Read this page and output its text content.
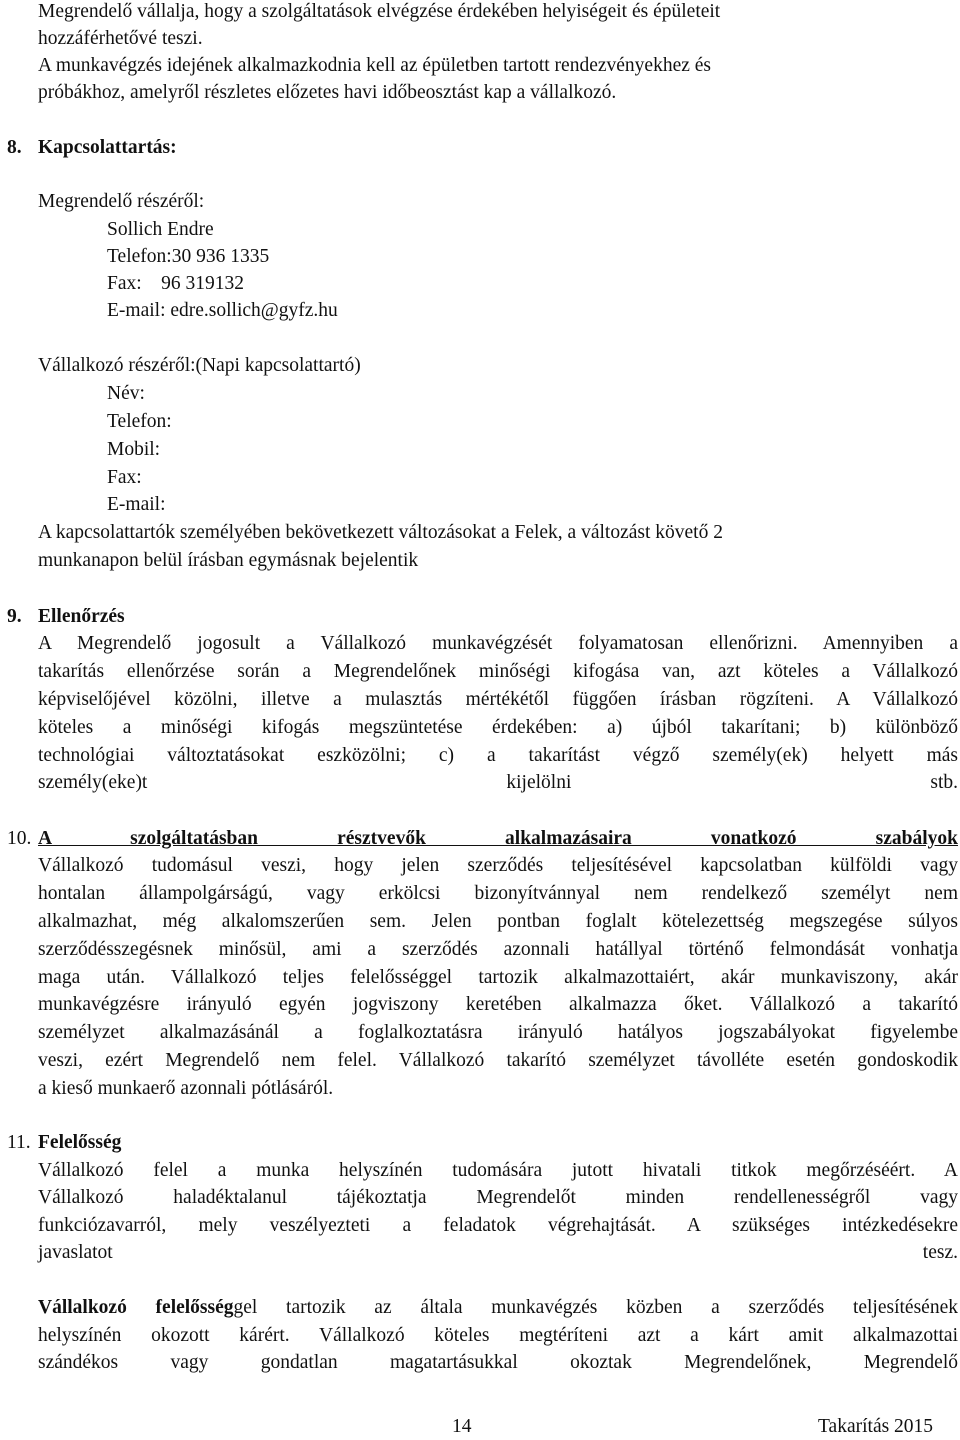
Megrendelő vállalja, hogy a szolgáltatások elvégzése érdekében helyiségeit és épületeit
hozzáférhetővé teszi.
A munkavégzés idejének alkalmazkodnia kell az épületben tartott rendezvényekhez és
próbákhoz, amelyről részletes előzetes havi időbeosztást kap a vállalkozó.
8. Kapcsolattartás:
Megrendelő részéről:
Sollich Endre
Telefon:30 936 1335
Fax:    96 319132
E-mail: edre.sollich@gyfz.hu
Vállalkozó részéről:(Napi kapcsolattartó)
Név:
Telefon:
Mobil:
Fax:
E-mail:
A kapcsolattartók személyében bekövetkezett változásokat a Felek, a változást követő 2
munkanapon belül írásban egymásnak bejelentik
9. Ellenőrzés
A Megrendelő jogosult a Vállalkozó munkavégzését folyamatosan ellenőrizni. Amennyiben a
takarítás ellenőrzése során a Megrendelőnek minőségi kifogása van, azt köteles a Vállalkozó
képviselőjével közölni, illetve a mulasztás mértékétől függően írásban rögzíteni. A Vállalkozó
köteles a minőségi kifogás megszüntetése érdekében: a) újból takarítani; b) különböző
technológiai változtatásokat eszközölni; c) a takarítást végző személy(ek) helyett más
személy(eke)t kijelölni stb.
10. A szolgáltatásban résztvevők alkalmazásaira vonatkozó szabályok
Vállalkozó tudomásul veszi, hogy jelen szerződés teljesítésével kapcsolatban külföldi vagy
hontalan állampolgárságú, vagy erkölcsi bizonyítvánnyal nem rendelkező személyt nem
alkalmazhat, még alkalomszerűen sem. Jelen pontban foglalt kötelezettség megszegése súlyos
szerződésszegésnek minősül, ami a szerződés azonnali hatállyal történő felmondását vonhatja
maga után. Vállalkozó teljes felelősséggel tartozik alkalmazottaiért, akár munkaviszony, akár
munkavégzésre irányuló egyén jogviszony keretében alkalmazza őket. Vállalkozó a takarító
személyzet alkalmazásánál a foglalkoztatásra irányuló hatályos jogszabályokat figyelembe
veszi, ezért Megrendelő nem felel. Vállalkozó takarító személyzet távolléte esetén gondoskodik
a kieső munkaerő azonnali pótlásáról.
11. Felelősség
Vállalkozó felel a munka helyszínén tudomására jutott hivatali titkok megőrzéséért. A
Vállalkozó haladéktalanul tájékoztatja Megrendelőt minden rendellenességről vagy
funkciózavarról, mely veszélyezteti a feladatok végrehajtását. A szükséges intézkedésekre
javaslatot tesz.
Vállalkozó felelősséggel tartozik az általa munkavégzés közben a szerződés teljesítésének
helyszínén okozott kárért. Vállalkozó köteles megtéríteni azt a kárt amit alkalmazottai
szándékos vagy gondatlan magatartásukkal okoztak Megrendelőnek, Megrendelő
14	Takarítás 2015
